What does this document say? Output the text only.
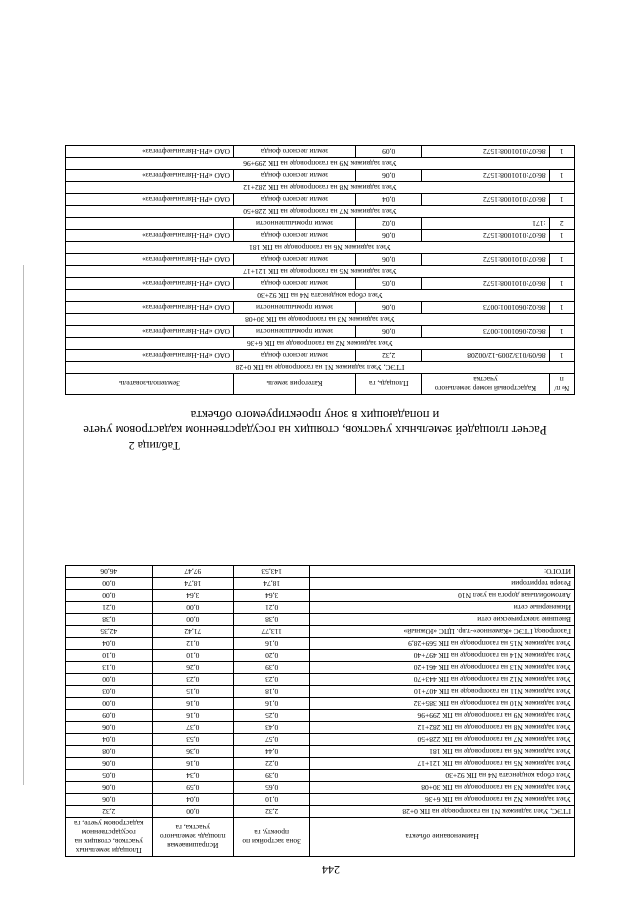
244
Наименование объекта	Зона застройки по проекту, га	Испрашиваемая площадь земельного участка, га	Площади земельных участков, стоящих на государственном кадастровом учете, га
ГТЭС, Узел задвижек N1 на газопроводе на ПК 0+28	2,32	0,00	2,32
Узел задвижек N2 на газопроводе на ПК 6+36	0,10	0,04	0,06
Узел задвижек N3 на газопроводе на ПК 30+08	0,65	0,59	0,06
Узел сбора конденсата N4 на ПК 92+30	0,39	0,34	0,05
Узел задвижек N5 на газопроводе на ПК 121+17	0,22	0,16	0,06
Узел задвижек N6 на газопроводе на ПК 181	0,44	0,36	0,08
Узел задвижек N7 на газопроводе на ПК 228+50	0,57	0,53	0,04
Узел задвижек N8 на газопроводе на ПК 282+12	0,43	0,37	0,06
Узел задвижек N9 на газопроводе на ПК 299+96	0,25	0,16	0,09
Узел задвижек N10 на газопроводе на ПК 385+32	0,16	0,16	0,00
Узел задвижек N11 на газопроводе на ПК 407+10	0,18	0,15	0,03
Узел задвижек N12 на газопроводе на ПК 443+70	0,23	0,23	0,00
Узел задвижек N13 на газопроводе на ПК 461+20	0,39	0,26	0,13
Узел задвижек N14 на газопроводе на ПК 497+40	0,20	0,10	0,10
Узел задвижек N15 на газопроводе на ПК 569+28,9	0,16	0,12	0,04
Газопровод ГТЭС «Каменное»-т.вр. ЦПС «Южный»	113,77	71,42	42,35
Внешние электрические сети	0,38	0,00	0,38
Инженерные сети	0,21	0,00	0,21
Автомобильная дорога на узел N10	3,64	3,64	0,00
Резерв территории	18,74	18,74	0,00
ИТОГО:	143,53	97,47	46,06
Таблица 2
Расчет площадей земельных участков, стоящих на государственном кадастровом учете и попадающих в зону проектируемого объекта
№ п/п	Кадастровый номер земельного участка	Площадь, га	Категория земель	Землепользователь
ГТЭС, Узел задвижек N1 на газопроводе на ПК 0+28				
1	86/09/013/2009-12/00208	2,32	земли лесного фонда	ОАО «РН-Няганьнефтегаз»
Узел задвижек N2 на газопроводе на ПК 6+36				
1	86:02:0601001:0073	0,06	земли промышленности	ОАО «РН-Няганьнефтегаз»
Узел задвижек N3 на газопроводе на ПК 30+08				
1	86:02:0601001:0073	0,06	земли промышленности	ОАО «РН-Няганьнефтегаз»
Узел сбора конденсата N4 на ПК 92+30				
1	86:07:0101008:1572	0,05	земли лесного фонда	ОАО «РН-Няганьнефтегаз»
Узел задвижек N5 на газопроводе на ПК 121+17				
1	86:07:0101008:1572	0,06	земли лесного фонда	ОАО «РН-Няганьнефтегаз»
Узел задвижек N6 на газопроводе на ПК 181				
1	86:07:0101008:1572	0,06	земли лесного фонда	ОАО «РН-Няганьнефтегаз»
2	:171	0,02	земли промышленности	
Узел задвижек N7 на газопроводе на ПК 228+50				
1	86:07:0101008:1572	0,04	земли лесного фонда	ОАО «РН-Няганьнефтегаз»
Узел задвижек N8 на газопроводе на ПК 282+12				
1	86:07:0101008:1572	0,06	земли лесного фонда	ОАО «РН-Няганьнефтегаз»
Узел задвижек N9 на газопроводе на ПК 299+96				
1	86:07:0101008:1572	0,09	земли лесного фонда	ОАО «РН-Няганьнефтегаз»
